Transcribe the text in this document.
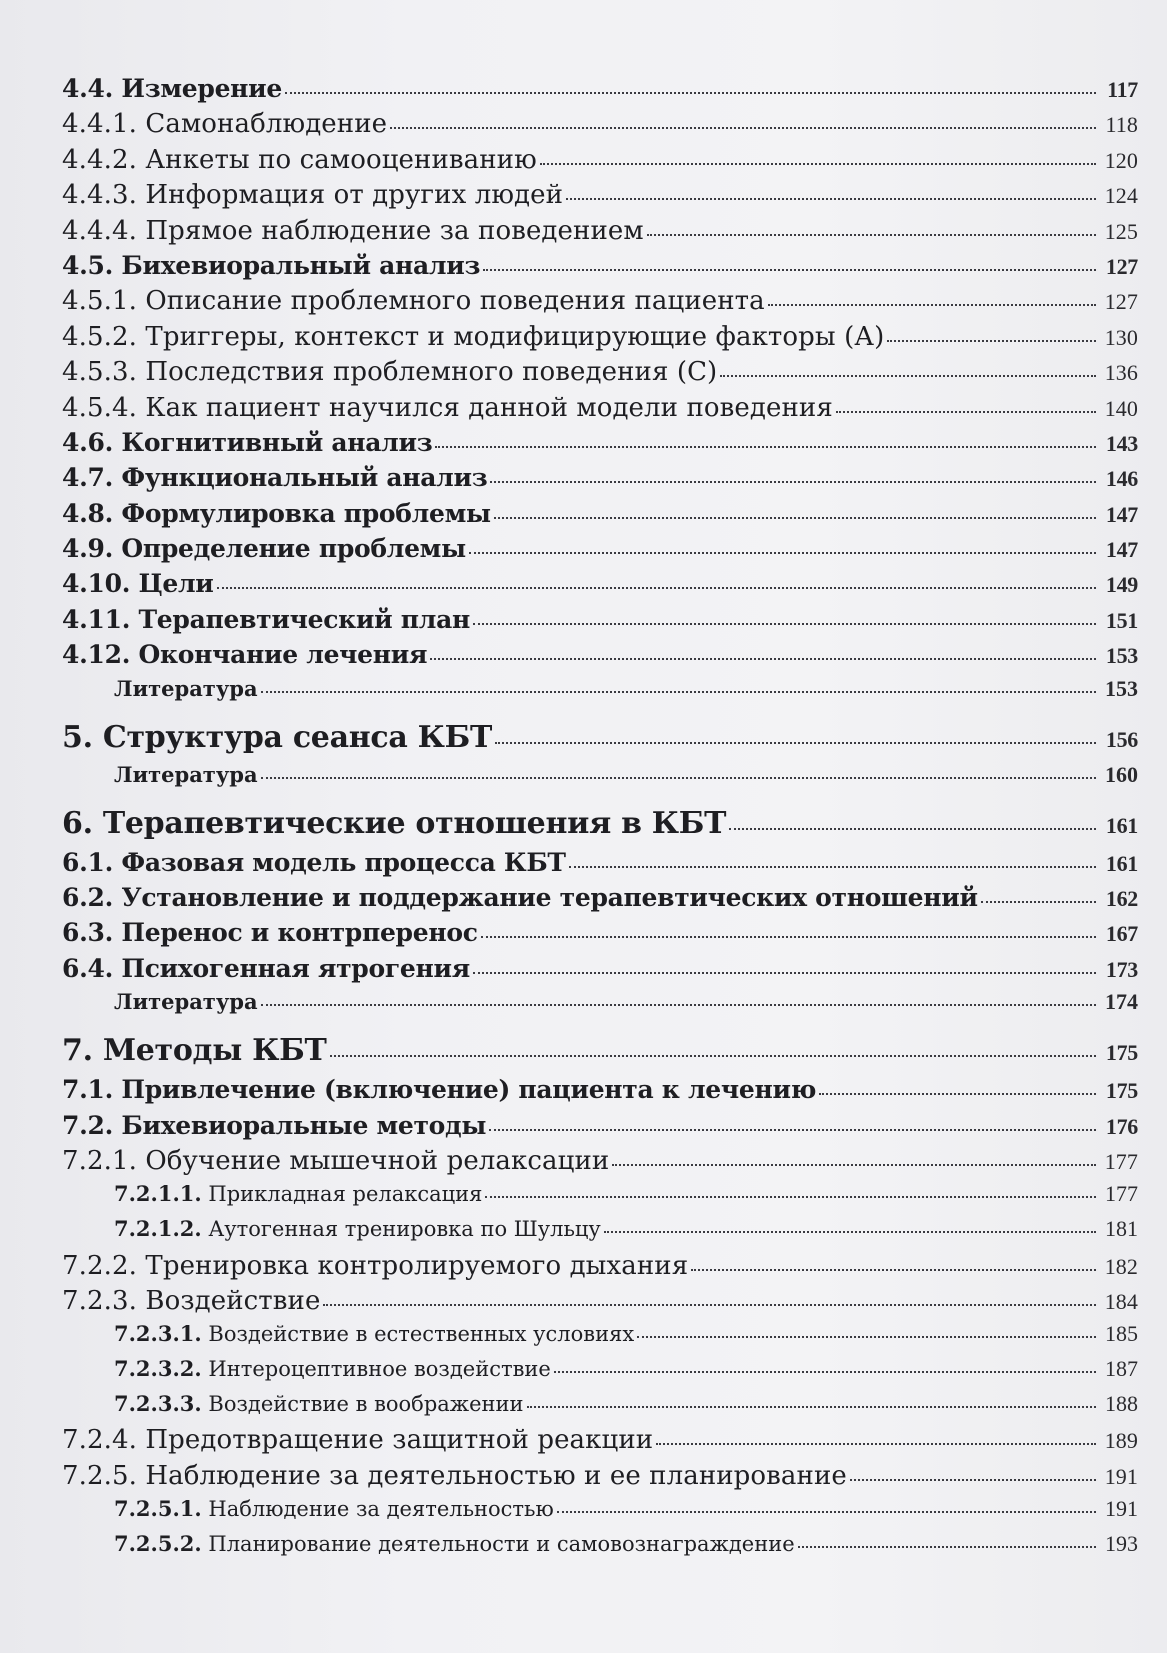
4.4. Измерение	117
4.4.1. Самонаблюдение	118
4.4.2. Анкеты по самооцениванию	120
4.4.3. Информация от других людей	124
4.4.4. Прямое наблюдение за поведением	125
4.5. Бихевиоральный анализ	127
4.5.1. Описание проблемного поведения пациента	127
4.5.2. Триггеры, контекст и модифицирующие факторы (А)	130
4.5.3. Последствия проблемного поведения (С)	136
4.5.4. Как пациент научился данной модели поведения	140
4.6. Когнитивный анализ	143
4.7. Функциональный анализ	146
4.8. Формулировка проблемы	147
4.9. Определение проблемы	147
4.10. Цели	149
4.11. Терапевтический план	151
4.12. Окончание лечения	153
Литература	153
5. Структура сеанса КБТ	156
Литература	160
6. Терапевтические отношения в КБТ	161
6.1. Фазовая модель процесса КБТ	161
6.2. Установление и поддержание терапевтических отношений	162
6.3. Перенос и контрперенос	167
6.4. Психогенная ятрогения	173
Литература	174
7. Методы КБТ	175
7.1. Привлечение (включение) пациента к лечению	175
7.2. Бихевиоральные методы	176
7.2.1. Обучение мышечной релаксации	177
7.2.1.1. Прикладная релаксация	177
7.2.1.2. Аутогенная тренировка по Шульцу	181
7.2.2. Тренировка контролируемого дыхания	182
7.2.3. Воздействие	184
7.2.3.1. Воздействие в естественных условиях	185
7.2.3.2. Интероцептивное воздействие	187
7.2.3.3. Воздействие в воображении	188
7.2.4. Предотвращение защитной реакции	189
7.2.5. Наблюдение за деятельностью и ее планирование	191
7.2.5.1. Наблюдение за деятельностью	191
7.2.5.2. Планирование деятельности и самовознаграждение	193
